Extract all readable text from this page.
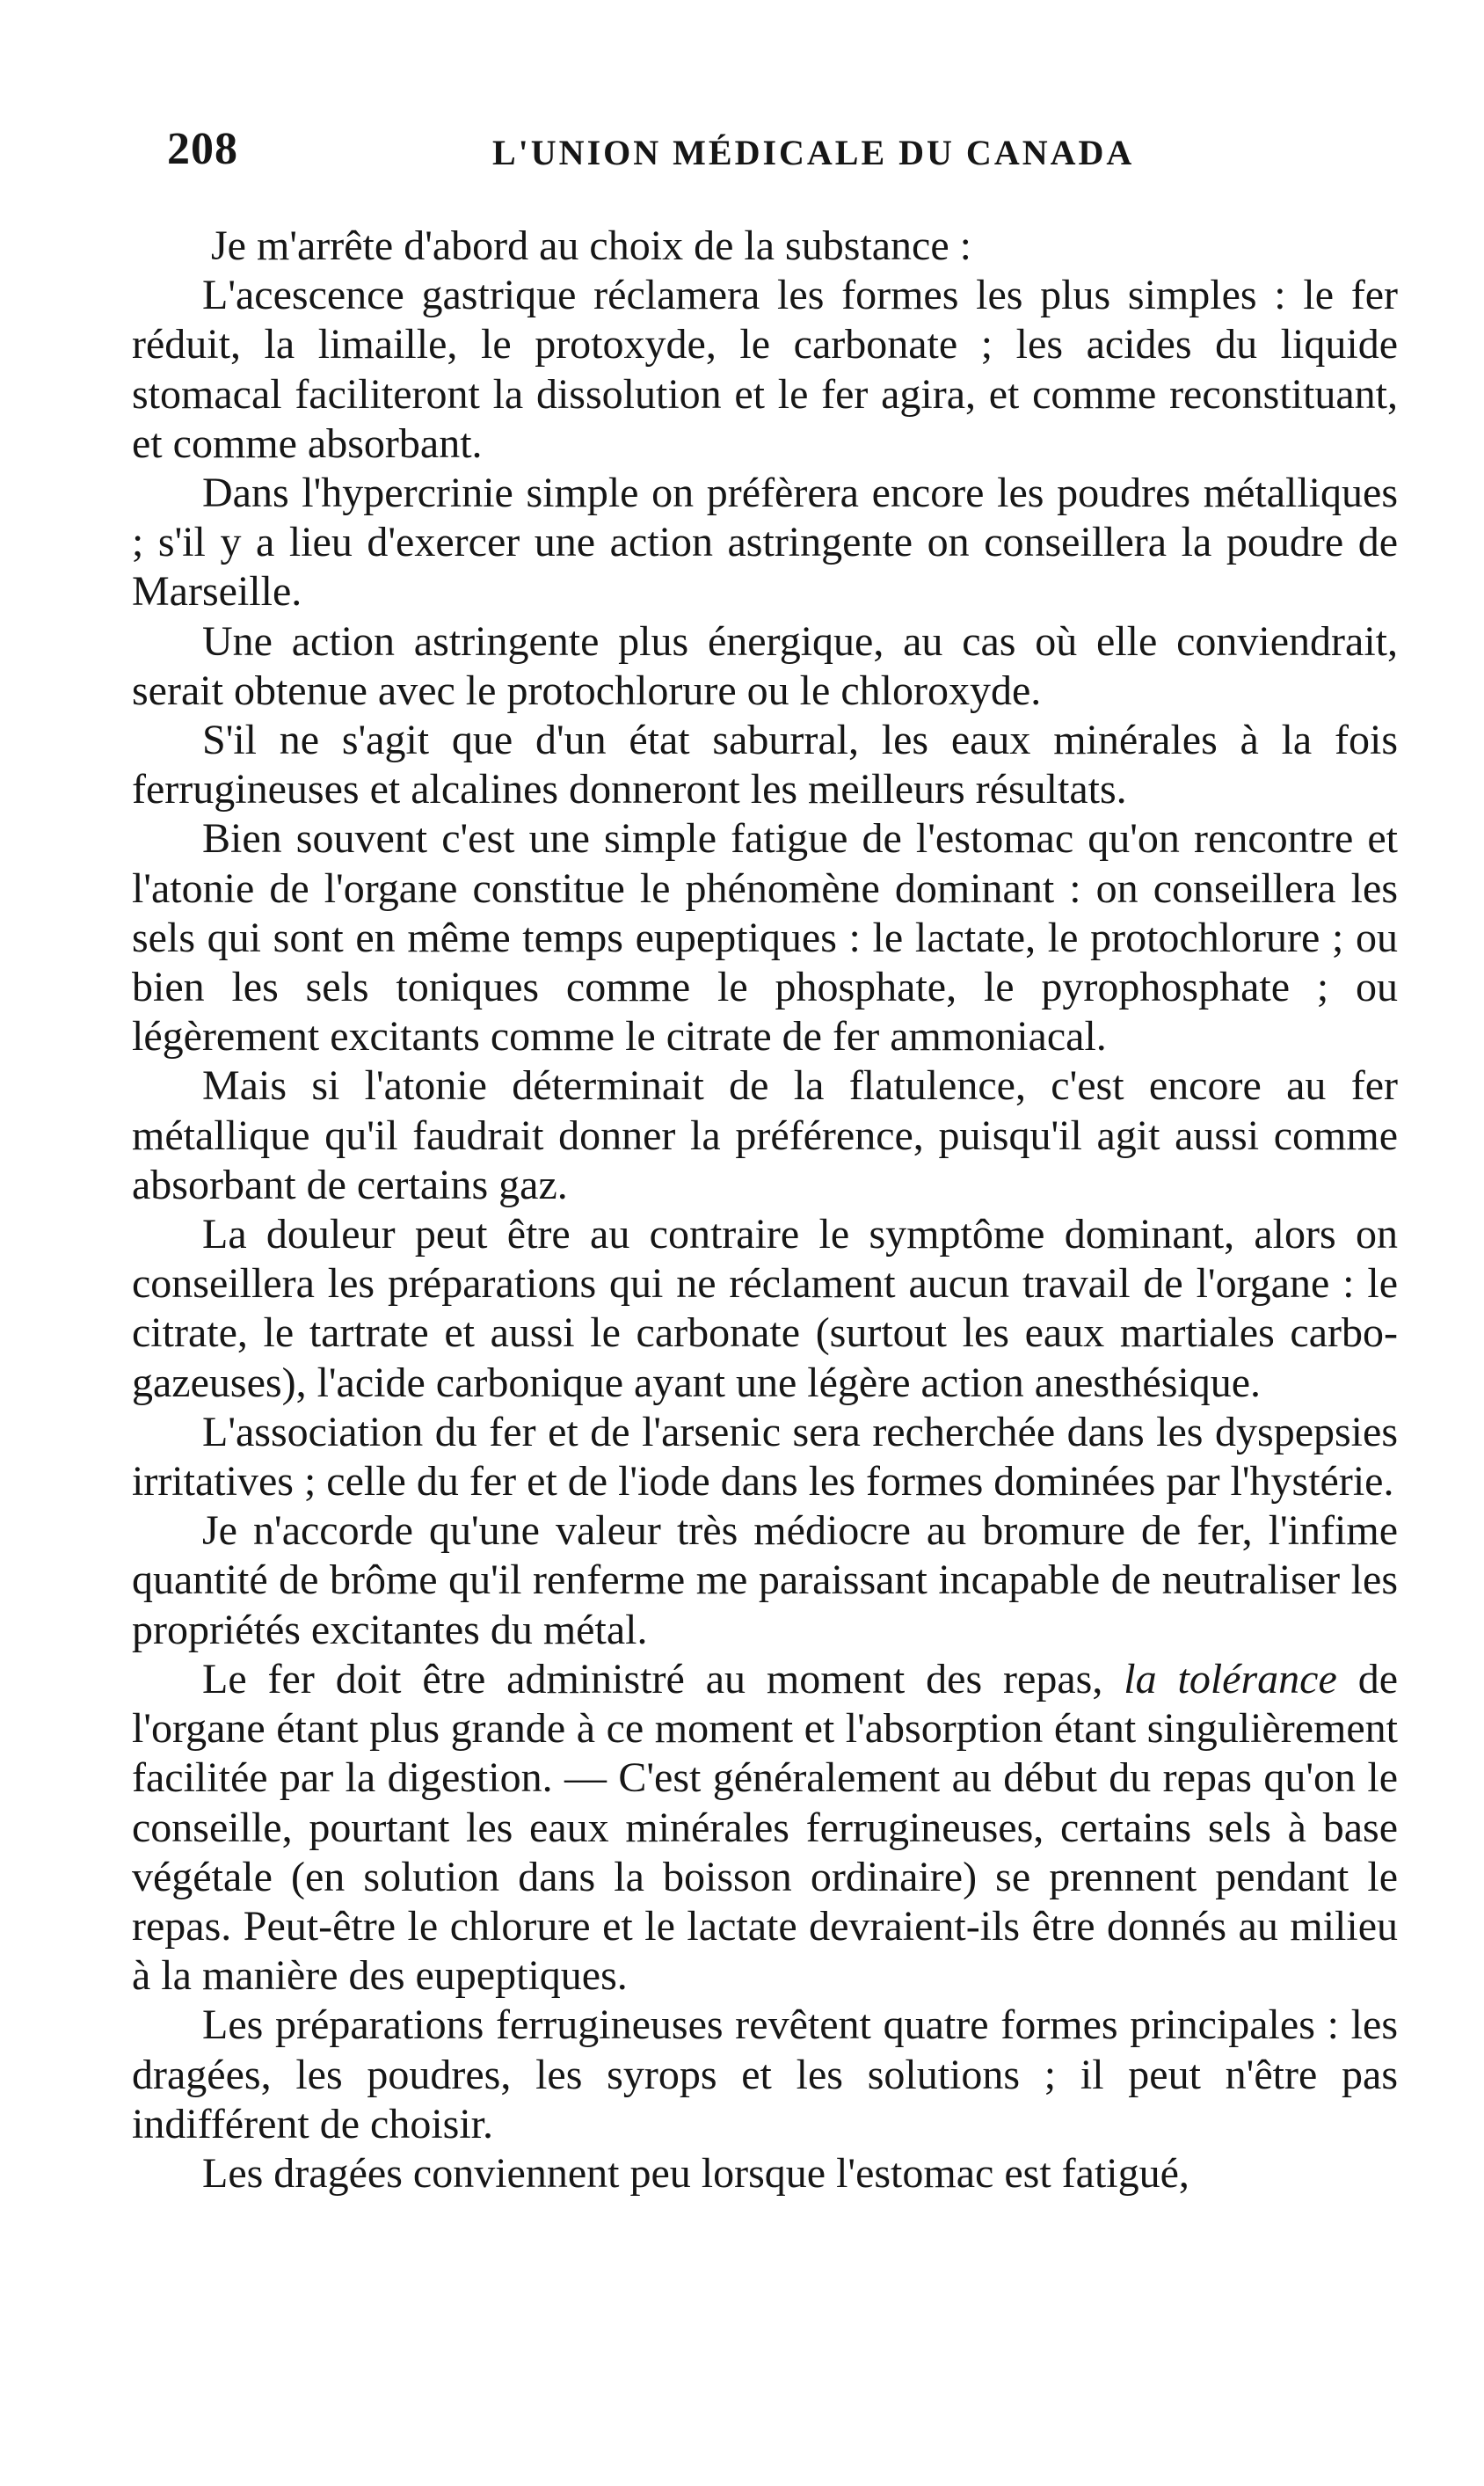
208	L'UNION MÉDICALE DU CANADA

Je m'arrête d'abord au choix de la substance :

L'acescence gastrique réclamera les formes les plus simples : le fer réduit, la limaille, le protoxyde, le carbonate ; les acides du liquide stomacal faciliteront la dissolution et le fer agira, et comme reconstituant, et comme absorbant.

Dans l'hypercrinie simple on préfèrera encore les poudres métalliques ; s'il y a lieu d'exercer une action astringente on conseillera la poudre de Marseille.

Une action astringente plus énergique, au cas où elle conviendrait, serait obtenue avec le protochlorure ou le chloroxyde.

S'il ne s'agit que d'un état saburral, les eaux minérales à la fois ferrugineuses et alcalines donneront les meilleurs résultats.

Bien souvent c'est une simple fatigue de l'estomac qu'on rencontre et l'atonie de l'organe constitue le phénomène dominant : on conseillera les sels qui sont en même temps eupeptiques : le lactate, le protochlorure ; ou bien les sels toniques comme le phosphate, le pyrophosphate ; ou légèrement excitants comme le citrate de fer ammoniacal.

Mais si l'atonie déterminait de la flatulence, c'est encore au fer métallique qu'il faudrait donner la préférence, puisqu'il agit aussi comme absorbant de certains gaz.

La douleur peut être au contraire le symptôme dominant, alors on conseillera les préparations qui ne réclament aucun travail de l'organe : le citrate, le tartrate et aussi le carbonate (surtout les eaux martiales carbo-gazeuses), l'acide carbonique ayant une légère action anesthésique.

L'association du fer et de l'arsenic sera recherchée dans les dyspepsies irritatives ; celle du fer et de l'iode dans les formes dominées par l'hystérie.

Je n'accorde qu'une valeur très médiocre au bromure de fer, l'infime quantité de brôme qu'il renferme me paraissant incapable de neutraliser les propriétés excitantes du métal.

Le fer doit être administré au moment des repas, la tolérance de l'organe étant plus grande à ce moment et l'absorption étant singulièrement facilitée par la digestion. — C'est généralement au début du repas qu'on le conseille, pourtant les eaux minérales ferrugineuses, certains sels à base végétale (en solution dans la boisson ordinaire) se prennent pendant le repas. Peut-être le chlorure et le lactate devraient-ils être donnés au milieu à la manière des eupeptiques.

Les préparations ferrugineuses revêtent quatre formes principales : les dragées, les poudres, les syrops et les solutions ; il peut n'être pas indifférent de choisir.

Les dragées conviennent peu lorsque l'estomac est fatigué,
